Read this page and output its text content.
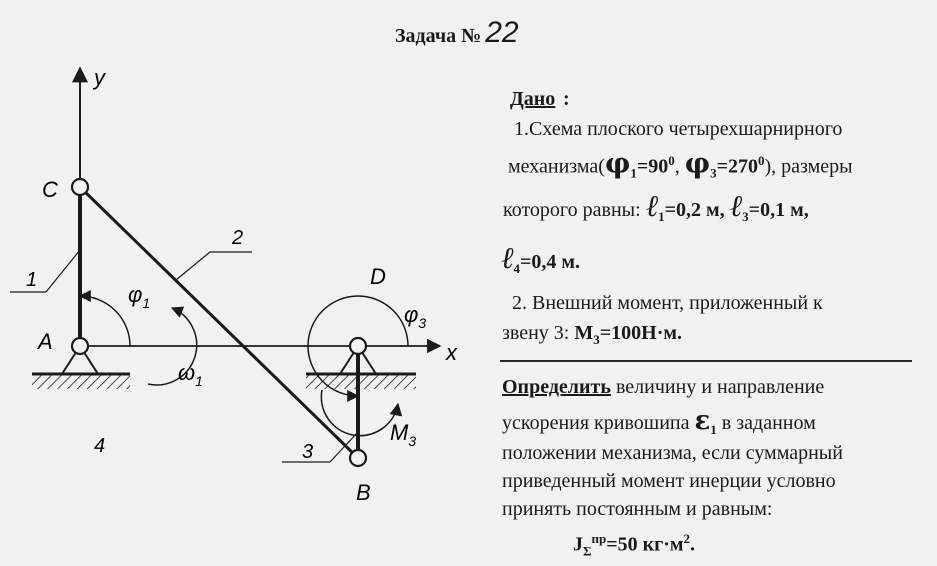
Задача № 22
Дано :
1.Схема плоского четырехшарнирного
$механизма(\varphi_1=90^0$, $\varphi_3=270^0$), размеры
которого равны: ℓ$_1$=0,2 м, ℓ$_3$=0,1 м,
ℓ$_4$=0,4 м.
2. Внешний момент, приложенный к
звену 3: $M_3=100Н\cdot м$.
Определить величину и направление
ускорения кривошипа $\varepsilon_1$ в заданном
положении механизма, если суммарный
приведенный момент инерции условно
принять постоянным и равным:
$J_\Sigma^{пр}=50$ $кг\cdot м^2$.
y
x
$\varphi_1$
$\omega_1$
$\varphi_3$
$M_3$
C
A
D
B
1
2
3
4
